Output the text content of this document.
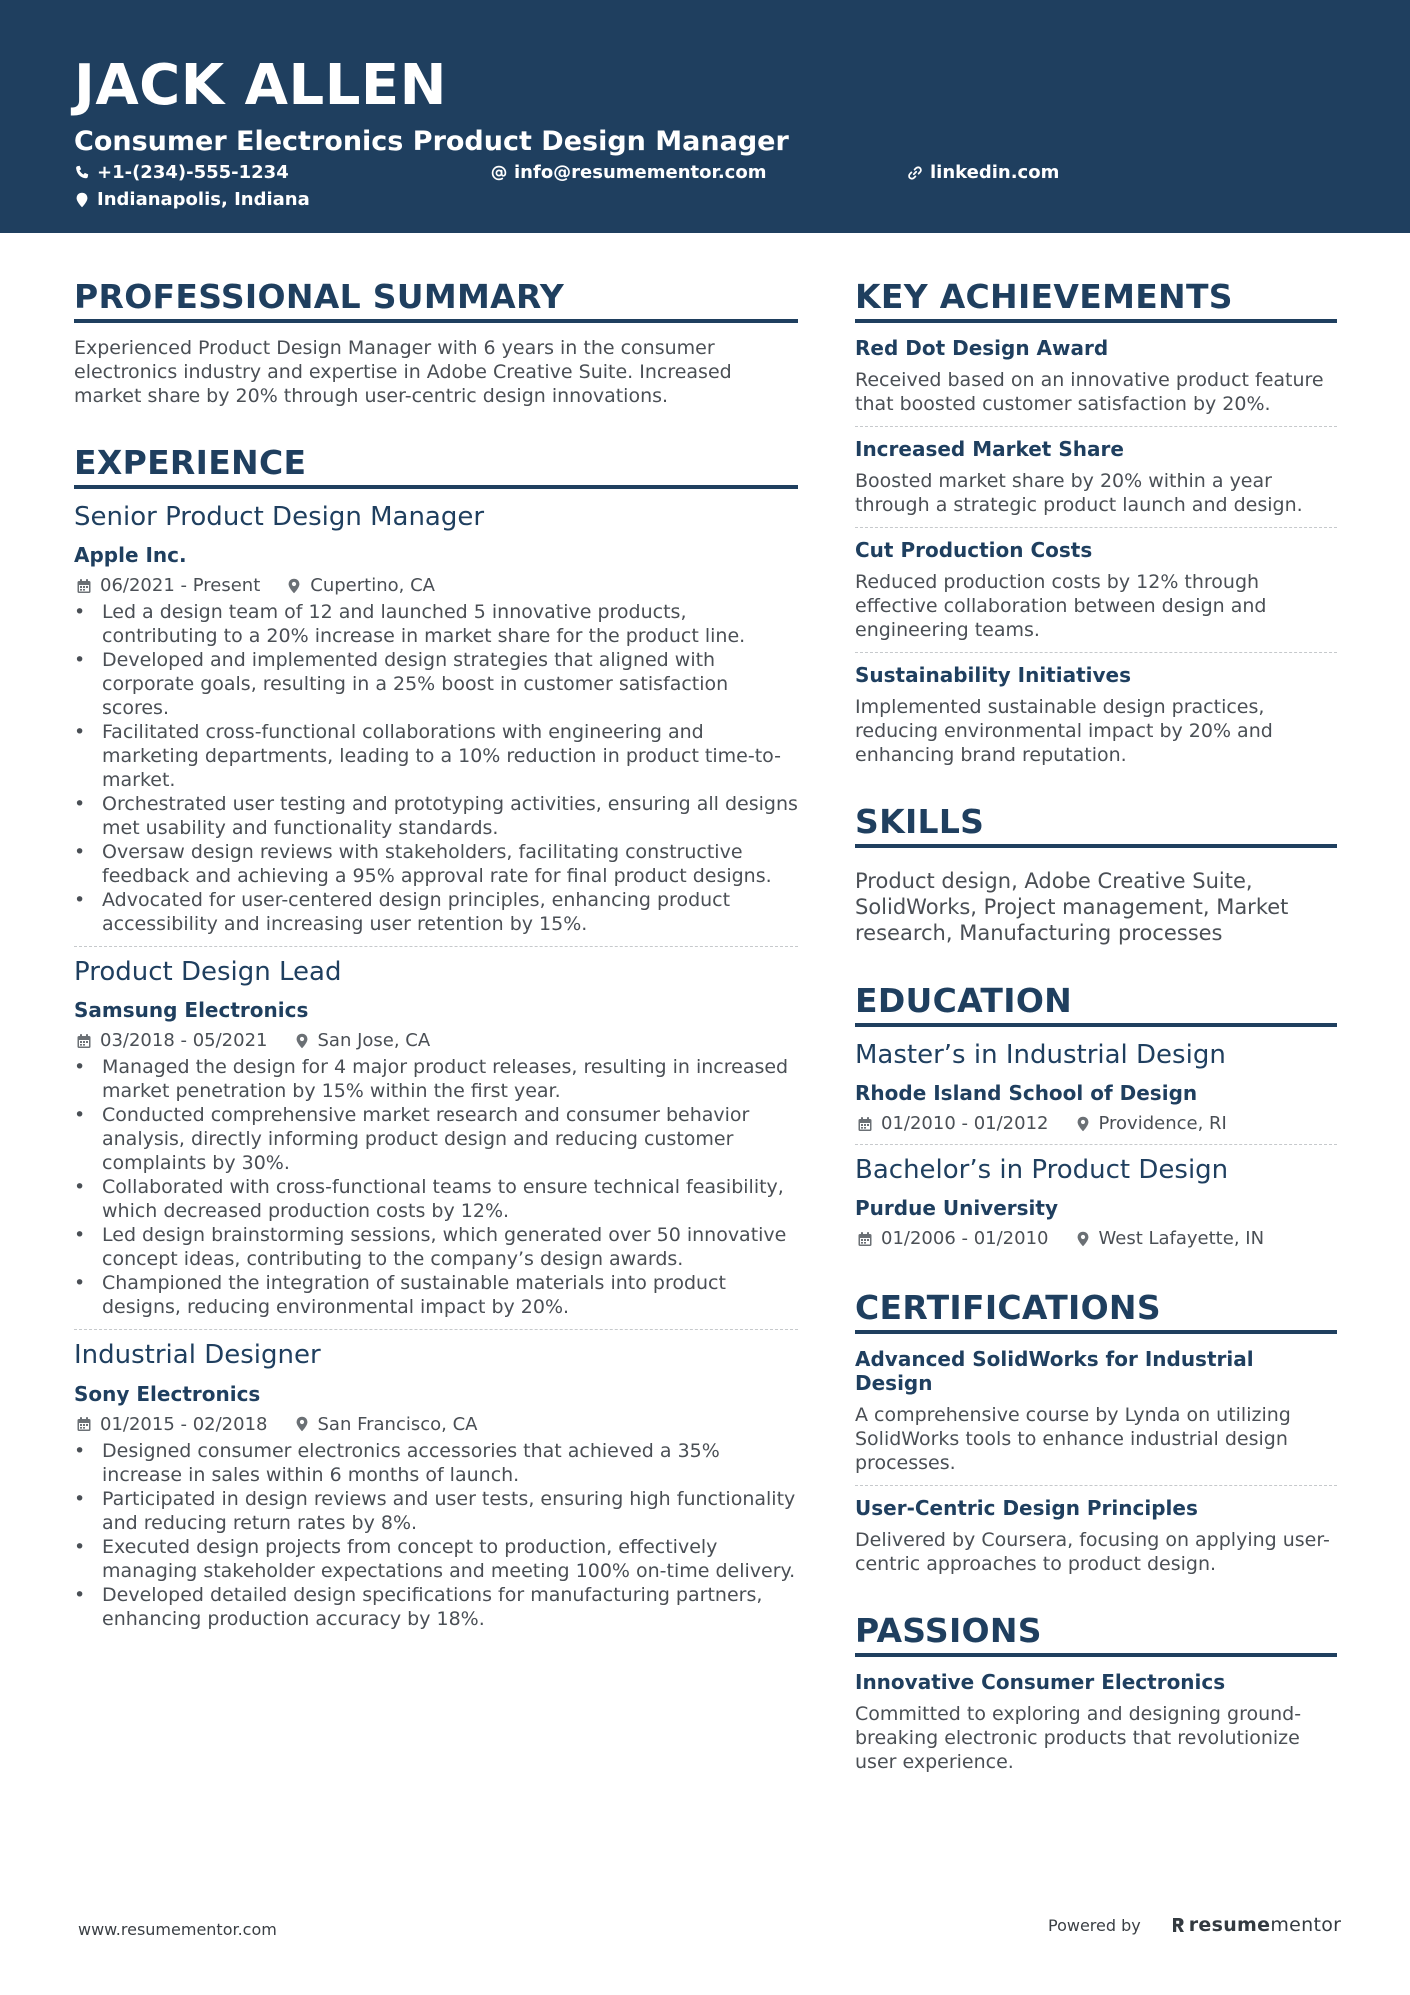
JACK ALLEN
Consumer Electronics Product Design Manager
+1-(234)-555-1234	info@resumementor.com	linkedin.com
Indianapolis, Indiana
PROFESSIONAL SUMMARY
Experienced Product Design Manager with 6 years in the consumer electronics industry and expertise in Adobe Creative Suite. Increased market share by 20% through user-centric design innovations.
EXPERIENCE
Senior Product Design Manager
Apple Inc.
06/2021 - Present	Cupertino, CA
• Led a design team of 12 and launched 5 innovative products, contributing to a 20% increase in market share for the product line.
• Developed and implemented design strategies that aligned with corporate goals, resulting in a 25% boost in customer satisfaction scores.
• Facilitated cross-functional collaborations with engineering and marketing departments, leading to a 10% reduction in product time-to-market.
• Orchestrated user testing and prototyping activities, ensuring all designs met usability and functionality standards.
• Oversaw design reviews with stakeholders, facilitating constructive feedback and achieving a 95% approval rate for final product designs.
• Advocated for user-centered design principles, enhancing product accessibility and increasing user retention by 15%.
Product Design Lead
Samsung Electronics
03/2018 - 05/2021	San Jose, CA
• Managed the design for 4 major product releases, resulting in increased market penetration by 15% within the first year.
• Conducted comprehensive market research and consumer behavior analysis, directly informing product design and reducing customer complaints by 30%.
• Collaborated with cross-functional teams to ensure technical feasibility, which decreased production costs by 12%.
• Led design brainstorming sessions, which generated over 50 innovative concept ideas, contributing to the company’s design awards.
• Championed the integration of sustainable materials into product designs, reducing environmental impact by 20%.
Industrial Designer
Sony Electronics
01/2015 - 02/2018	San Francisco, CA
• Designed consumer electronics accessories that achieved a 35% increase in sales within 6 months of launch.
• Participated in design reviews and user tests, ensuring high functionality and reducing return rates by 8%.
• Executed design projects from concept to production, effectively managing stakeholder expectations and meeting 100% on-time delivery.
• Developed detailed design specifications for manufacturing partners, enhancing production accuracy by 18%.
KEY ACHIEVEMENTS
Red Dot Design Award
Received based on an innovative product feature that boosted customer satisfaction by 20%.
Increased Market Share
Boosted market share by 20% within a year through a strategic product launch and design.
Cut Production Costs
Reduced production costs by 12% through effective collaboration between design and engineering teams.
Sustainability Initiatives
Implemented sustainable design practices, reducing environmental impact by 20% and enhancing brand reputation.
SKILLS
Product design, Adobe Creative Suite, SolidWorks, Project management, Market research, Manufacturing processes
EDUCATION
Master’s in Industrial Design
Rhode Island School of Design
01/2010 - 01/2012	Providence, RI
Bachelor’s in Product Design
Purdue University
01/2006 - 01/2010	West Lafayette, IN
CERTIFICATIONS
Advanced SolidWorks for Industrial Design
A comprehensive course by Lynda on utilizing SolidWorks tools to enhance industrial design processes.
User-Centric Design Principles
Delivered by Coursera, focusing on applying user-centric approaches to product design.
PASSIONS
Innovative Consumer Electronics
Committed to exploring and designing ground-breaking electronic products that revolutionize user experience.
www.resumementor.com	Powered by	resume mentor
